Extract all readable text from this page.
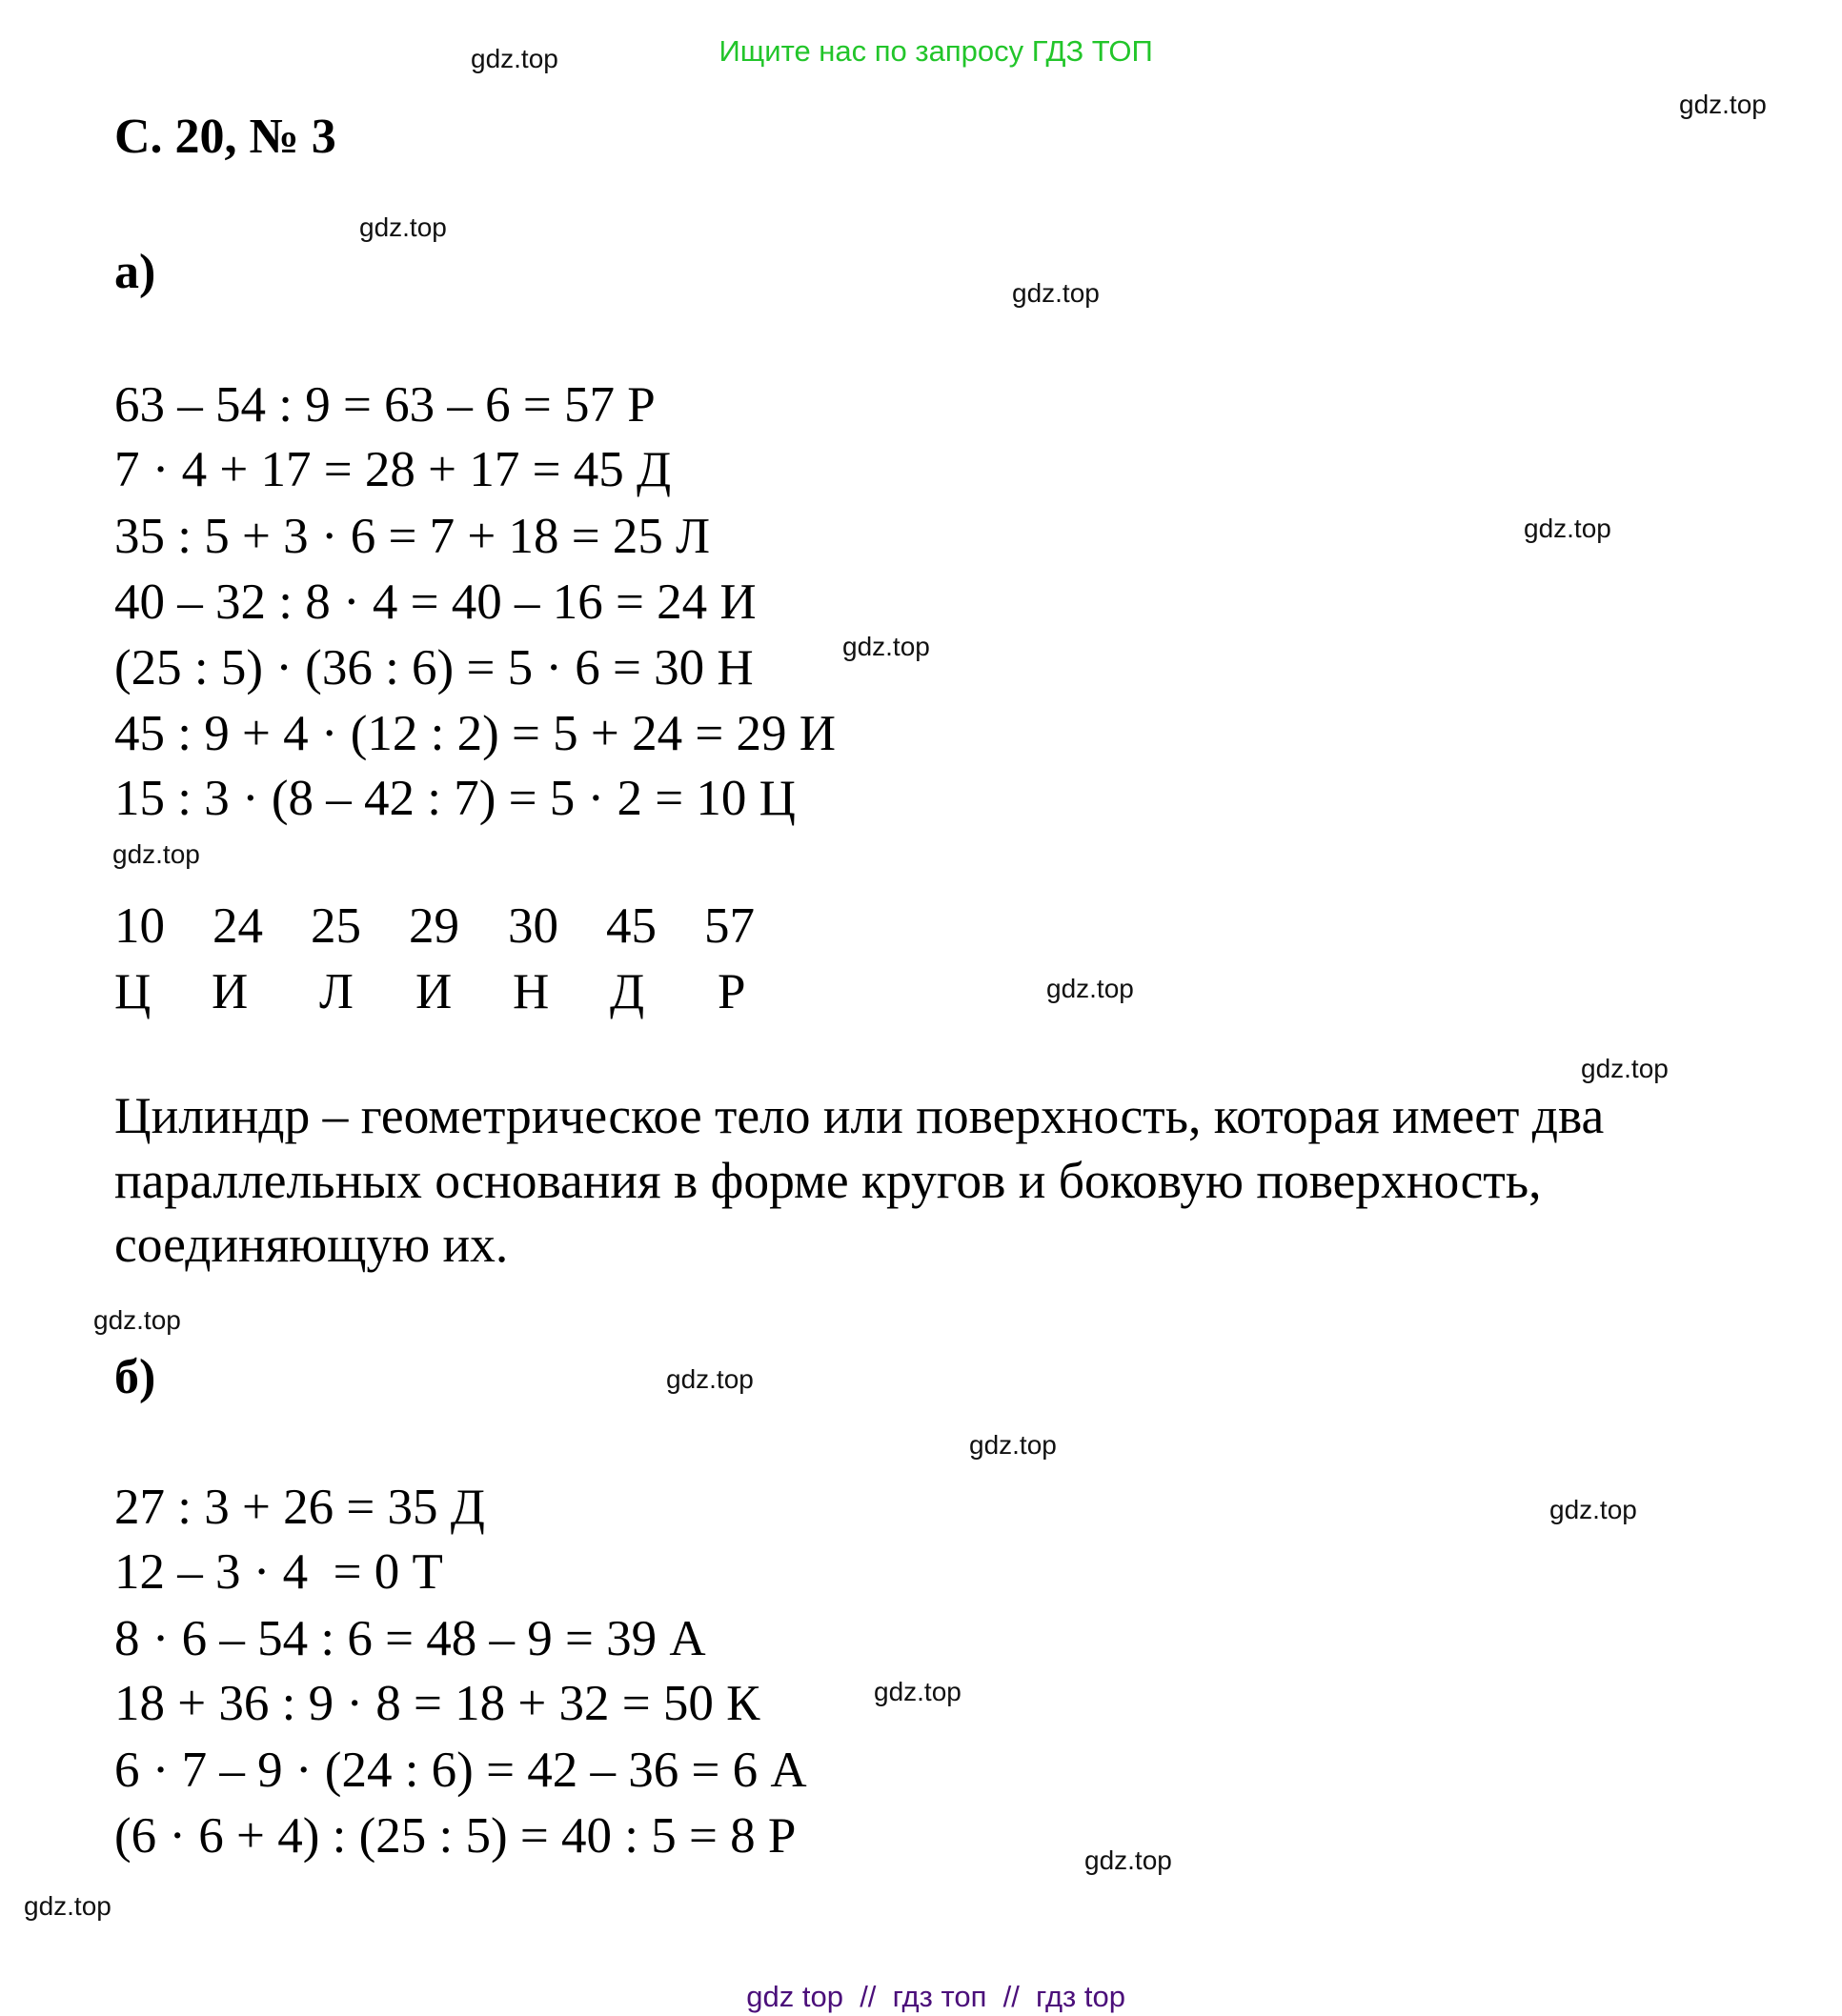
Ищите нас по запросу ГДЗ ТОП

gdz.top
gdz.top
gdz.top
gdz.top
gdz.top
gdz.top
gdz.top
gdz.top
gdz.top
gdz.top
gdz.top
gdz.top
gdz.top
gdz.top
gdz.top
gdz.top
С. 20, № 3
а)
63 – 54 : 9 = 63 – 6 = 57 Р
7 · 4 + 17 = 28 + 17 = 45 Д
35 : 5 + 3 · 6 = 7 + 18 = 25 Л
40 – 32 : 8 · 4 = 40 – 16 = 24 И
(25 : 5) · (36 : 6) = 5 · 6 = 30 Н
45 : 9 + 4 · (12 : 2) = 5 + 24 = 29 И
15 : 3 · (8 – 42 : 7) = 5 · 2 = 10 Ц
10 24 25 29 30 45 57
Ц	И	Л	И	Н	Д	Р
Цилиндр – геометрическое тело или поверхность, которая имеет два
параллельных основания в форме кругов и боковую поверхность,
соединяющую их.
б)
27 : 3 + 26 = 35 Д
12 – 3 · 4  = 0 Т
8 · 6 – 54 : 6 = 48 – 9 = 39 А
18 + 36 : 9 · 8 = 18 + 32 = 50 К
6 · 7 – 9 · (24 : 6) = 42 – 36 = 6 А
(6 · 6 + 4) : (25 : 5) = 40 : 5 = 8 Р

gdz top  //  гдз топ  //  гдз top
